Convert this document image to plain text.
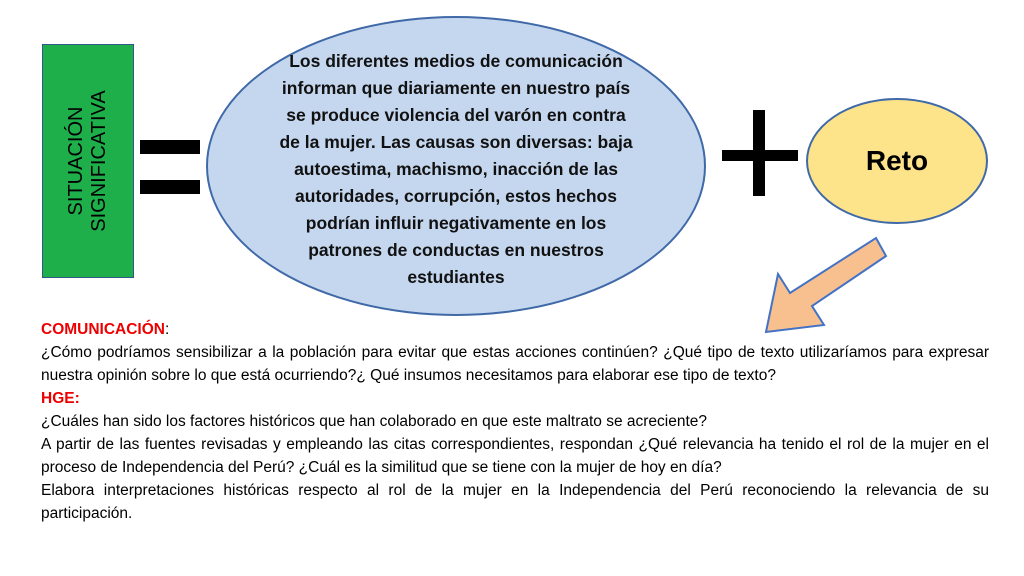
SITUACIÓN SIGNIFICATIVA
Los diferentes medios de comunicación informan que diariamente en nuestro país se produce violencia del varón en contra de la mujer. Las causas son diversas: baja autoestima, machismo, inacción de las autoridades, corrupción, estos hechos podrían influir negativamente en los patrones de conductas en nuestros estudiantes
Reto
COMUNICACIÓN:
¿Cómo podríamos sensibilizar a la población para evitar que estas acciones continúen? ¿Qué tipo de texto utilizaríamos para expresar nuestra opinión sobre lo que está ocurriendo?¿ Qué insumos necesitamos para elaborar ese tipo de texto?
HGE:
¿Cuáles han sido los factores históricos que han colaborado en que este maltrato se acreciente?
A partir de las fuentes revisadas y empleando las citas correspondientes, respondan ¿Qué relevancia ha tenido el rol de la mujer en el proceso de Independencia del Perú? ¿Cuál es la similitud que se tiene con la mujer de hoy en día?
Elabora interpretaciones históricas respecto al rol de la mujer en la Independencia del Perú reconociendo la relevancia de su participación.
